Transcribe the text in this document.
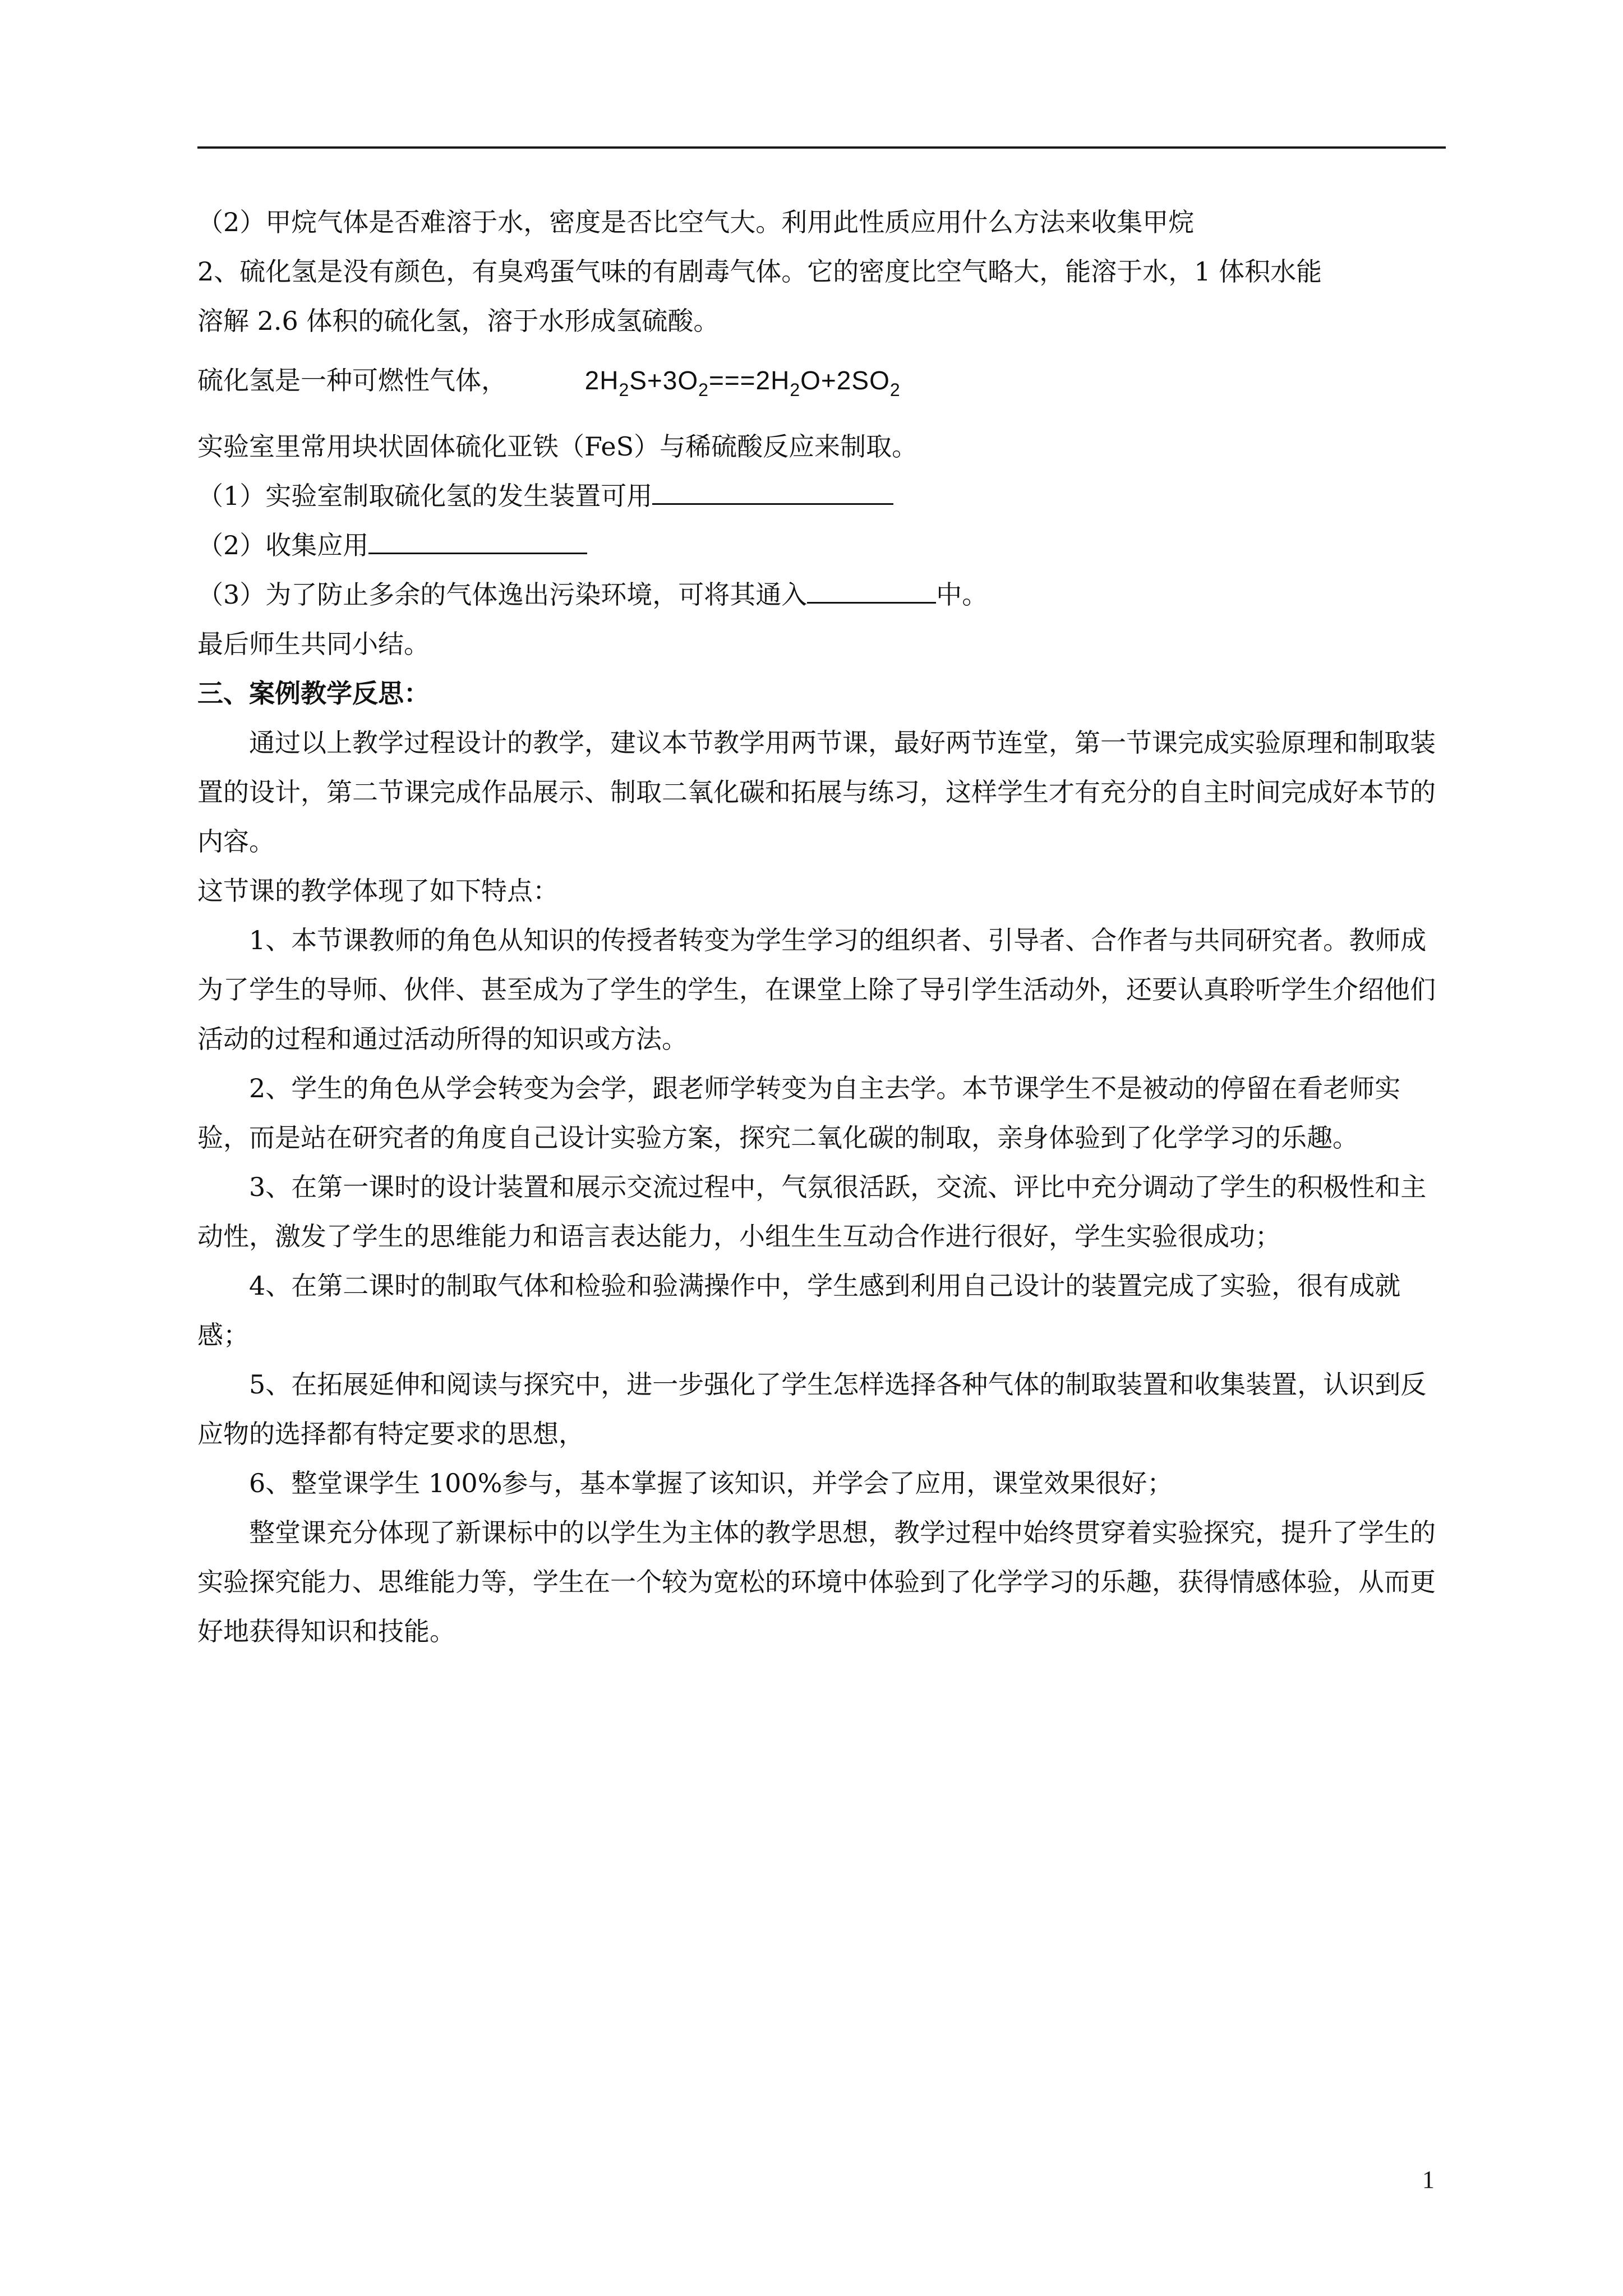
（2）甲烷气体是否难溶于水，密度是否比空气大。利用此性质应用什么方法来收集甲烷
2、硫化氢是没有颜色，有臭鸡蛋气味的有剧毒气体。它的密度比空气略大，能溶于水，1 体积水能
溶解 2.6 体积的硫化氢，溶于水形成氢硫酸。
硫化氢是一种可燃性气体，	$2H_2S+3O_2===2H_2O+2SO_2$
实验室里常用块状固体硫化亚铁（FeS）与稀硫酸反应来制取。
（1）实验室制取硫化氢的发生装置可用
（2）收集应用
（3）为了防止多余的气体逸出污染环境，可将其通入	中。
最后师生共同小结。
三、案例教学反思：
通过以上教学过程设计的教学，建议本节教学用两节课，最好两节连堂，第一节课完成实验原理和制取装置的设计，第二节课完成作品展示、制取二氧化碳和拓展与练习，这样学生才有充分的自主时间完成好本节的内容。
这节课的教学体现了如下特点：
1、本节课教师的角色从知识的传授者转变为学生学习的组织者、引导者、合作者与共同研究者。教师成为了学生的导师、伙伴、甚至成为了学生的学生，在课堂上除了导引学生活动外，还要认真聆听学生介绍他们活动的过程和通过活动所得的知识或方法。
2、学生的角色从学会转变为会学，跟老师学转变为自主去学。本节课学生不是被动的停留在看老师实验，而是站在研究者的角度自己设计实验方案，探究二氧化碳的制取，亲身体验到了化学学习的乐趣。
3、在第一课时的设计装置和展示交流过程中，气氛很活跃，交流、评比中充分调动了学生的积极性和主动性，激发了学生的思维能力和语言表达能力，小组生生互动合作进行很好，学生实验很成功；
4、在第二课时的制取气体和检验和验满操作中，学生感到利用自己设计的装置完成了实验，很有成就感；
5、在拓展延伸和阅读与探究中，进一步强化了学生怎样选择各种气体的制取装置和收集装置，认识到反应物的选择都有特定要求的思想，
6、整堂课学生 100%参与，基本掌握了该知识，并学会了应用，课堂效果很好；
整堂课充分体现了新课标中的以学生为主体的教学思想，教学过程中始终贯穿着实验探究，提升了学生的实验探究能力、思维能力等，学生在一个较为宽松的环境中体验到了化学学习的乐趣，获得情感体验，从而更好地获得知识和技能。
1
